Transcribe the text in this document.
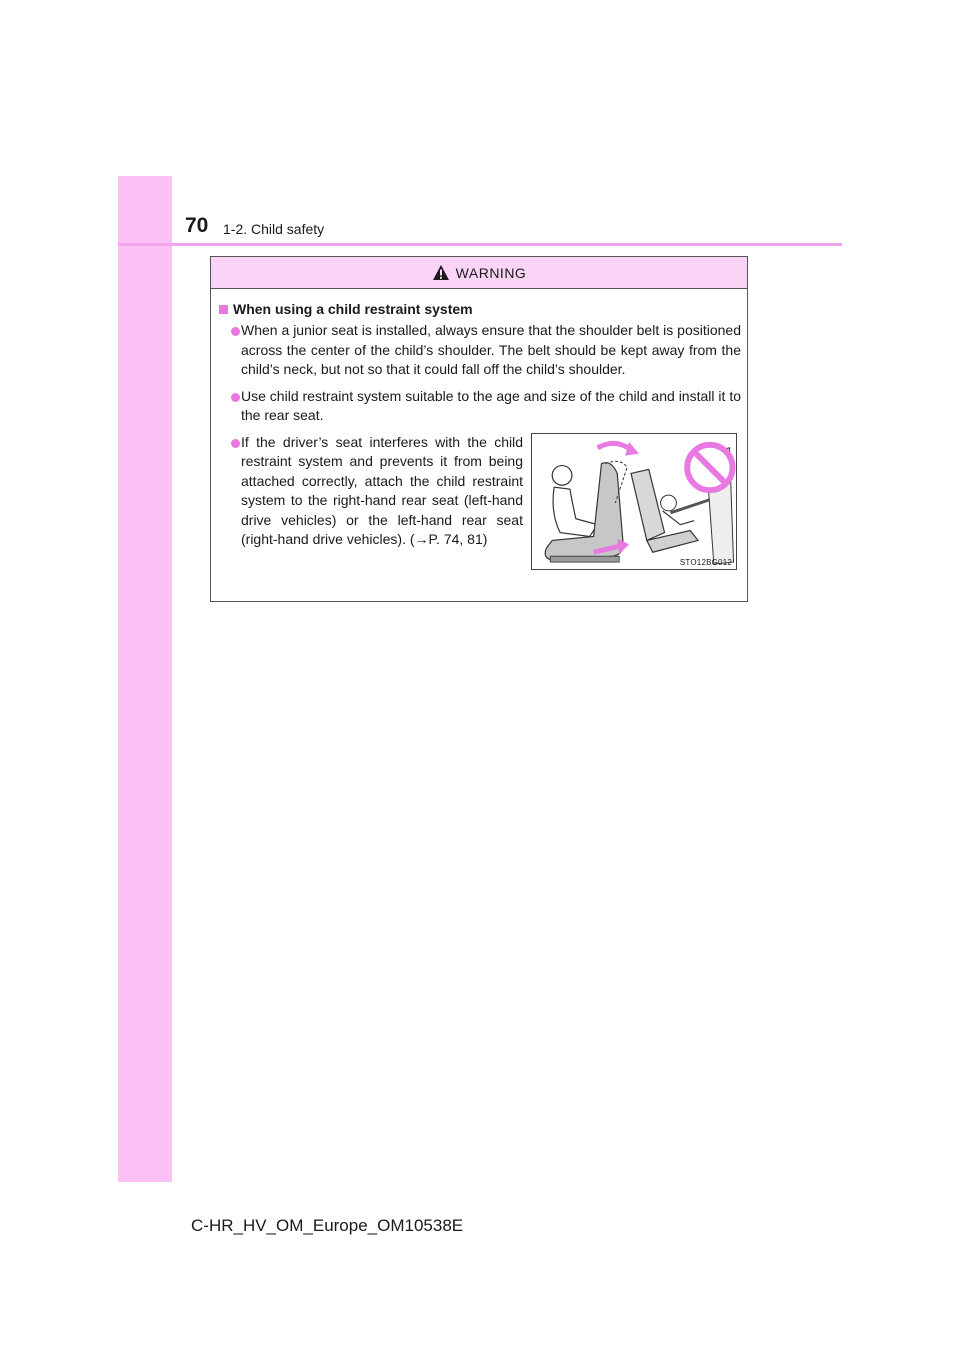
70 1-2. Child safety
WARNING
When using a child restraint system
When a junior seat is installed, always ensure that the shoulder belt is positioned across the center of the child’s shoulder. The belt should be kept away from the child’s neck, but not so that it could fall off the child’s shoulder.
Use child restraint system suitable to the age and size of the child and install it to the rear seat.
If the driver’s seat interferes with the child restraint system and prevents it from being attached correctly, attach the child restraint system to the right-hand rear seat (left-hand drive vehicles) or the left-hand rear seat (right-hand drive vehicles). (→P. 74, 81)
STO12BG012
C-HR_HV_OM_Europe_OM10538E
